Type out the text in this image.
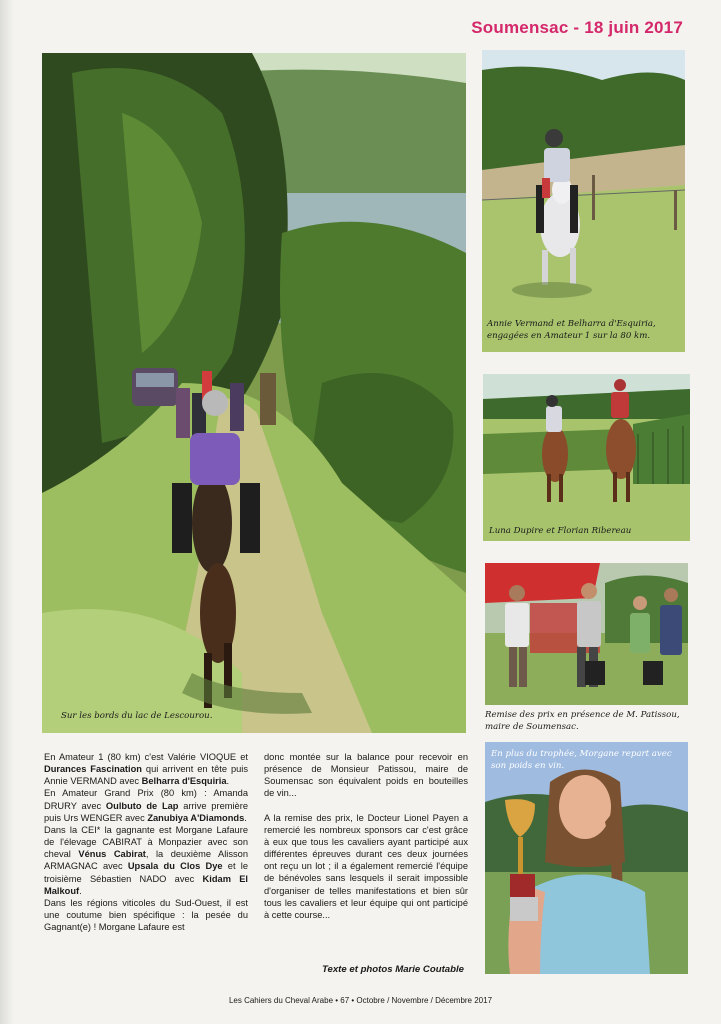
Soumensac - 18 juin 2017
Sur les bords du lac de Lescourou.
Annie Vermand et Belharra d'Esquiria, engagées en Amateur 1 sur la 80 km.
Luna Dupire et Florian Ribereau
Remise des prix en présence de M. Patissou, maire de Soumensac.
En plus du trophée, Morgane repart avec son poids en vin.

En Amateur 1 (80 km) c'est Valérie VIOQUE et Durances Fascination qui arrivent en tête puis Annie VERMAND avec Belharra d'Esquiria.

En Amateur Grand Prix (80 km) : Amanda DRURY avec Oulbuto de Lap arrive première puis Urs WENGER avec Zanubiya A'Diamonds.

Dans la CEI* la gagnante est Morgane Lafaure de l'élevage CABIRAT à Monpazier avec son cheval Vénus Cabirat, la deuxième Alisson ARMAGNAC avec Upsala du Clos Dye et le troisième Sébastien NADO avec Kidam El Malkouf.

Dans les régions viticoles du Sud-Ouest, il est une coutume bien spécifique : la pesée du Gagnant(e) ! Morgane Lafaure est

donc montée sur la balance pour recevoir en présence de Monsieur Patissou, maire de Soumensac son équivalent poids en bouteilles de vin...

A la remise des prix, le Docteur Lionel Payen a remercié les nombreux sponsors car c'est grâce à eux que tous les cavaliers ayant participé aux différentes épreuves durant ces deux journées ont reçu un lot ; il a également remercié l'équipe de bénévoles sans lesquels il serait impossible d'organiser de telles manifestations et bien sûr tous les cavaliers et leur équipe qui ont participé à cette course...

Texte et photos Marie Coutable
Les Cahiers du Cheval Arabe • 67 • Octobre / Novembre / Décembre 2017
